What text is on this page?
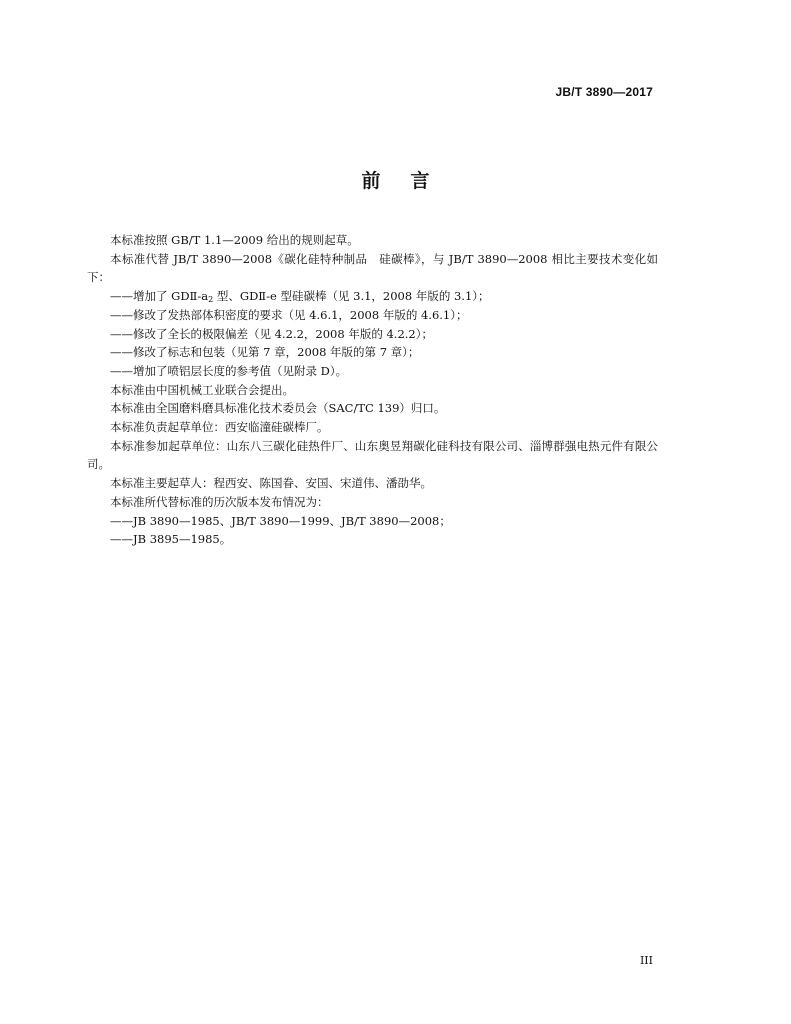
JB/T 3890—2017
前 言

本标准按照 GB/T 1.1—2009 给出的规则起草。

本标准代替 JB/T 3890—2008《碳化硅特种制品　硅碳棒》，与 JB/T 3890—2008 相比主要技术变化如下：

——增加了 GDⅡ-$a_2$ 型、GDⅡ-e 型硅碳棒（见 3.1，2008 年版的 3.1）；

——修改了发热部体积密度的要求（见 4.6.1，2008 年版的 4.6.1）；

——修改了全长的极限偏差（见 4.2.2，2008 年版的 4.2.2）；

——修改了标志和包装（见第 7 章，2008 年版的第 7 章）；

——增加了喷铝层长度的参考值（见附录 D）。

本标准由中国机械工业联合会提出。

本标准由全国磨料磨具标准化技术委员会（SAC/TC 139）归口。

本标准负责起草单位：西安临潼硅碳棒厂。

本标准参加起草单位：山东八三碳化硅热件厂、山东奥昱翔碳化硅科技有限公司、淄博群强电热元件有限公司。

本标准主要起草人：程西安、陈国眷、安国、宋道伟、潘劭华。

本标准所代替标准的历次版本发布情况为：

——JB 3890—1985、JB/T 3890—1999、JB/T 3890—2008；

——JB 3895—1985。

III
